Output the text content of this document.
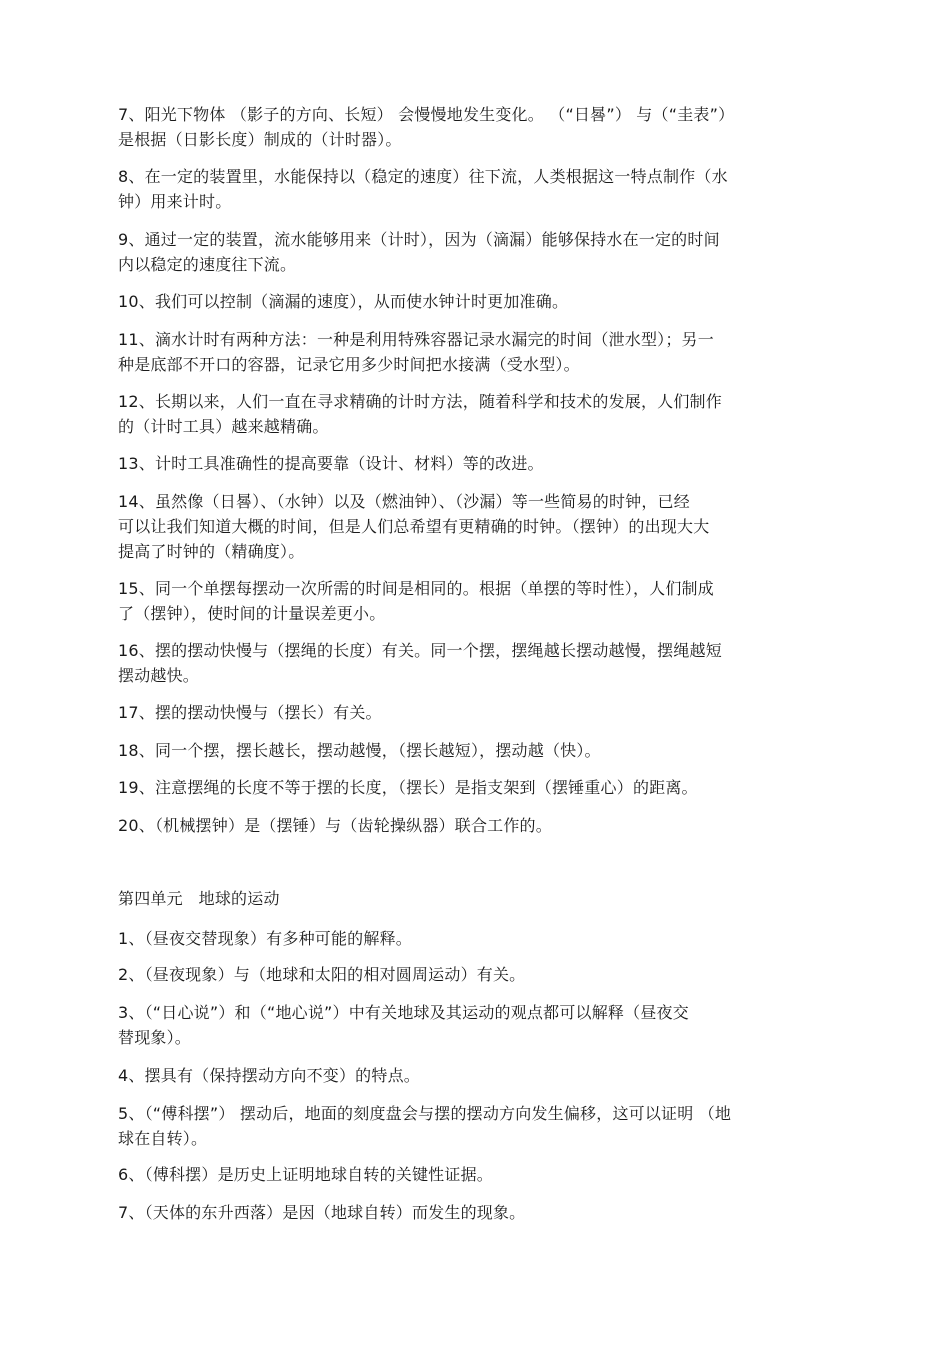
7、阳光下物体 （影子的方向、长短） 会慢慢地发生变化。 （“日晷”） 与（“圭表”）
是根据（日影长度）制成的（计时器）。
8、在一定的装置里，水能保持以（稳定的速度）往下流，人类根据这一特点制作（水
钟）用来计时。
9、通过一定的装置，流水能够用来（计时），因为（滴漏）能够保持水在一定的时间
内以稳定的速度往下流。
10、我们可以控制（滴漏的速度），从而使水钟计时更加准确。
11、滴水计时有两种方法：一种是利用特殊容器记录水漏完的时间（泄水型）；另一
种是底部不开口的容器，记录它用多少时间把水接满（受水型）。
12、长期以来，人们一直在寻求精确的计时方法，随着科学和技术的发展，人们制作
的（计时工具）越来越精确。
13、计时工具准确性的提高要靠（设计、材料）等的改进。
14、虽然像（日晷）、（水钟）以及（燃油钟）、（沙漏）等一些简易的时钟，已经
可以让我们知道大概的时间，但是人们总希望有更精确的时钟。（摆钟）的出现大大
提高了时钟的（精确度）。
15、同一个单摆每摆动一次所需的时间是相同的。根据（单摆的等时性），人们制成
了（摆钟），使时间的计量误差更小。
16、摆的摆动快慢与（摆绳的长度）有关。同一个摆，摆绳越长摆动越慢，摆绳越短
摆动越快。
17、摆的摆动快慢与（摆长）有关。
18、同一个摆，摆长越长，摆动越慢，（摆长越短），摆动越（快）。
19、注意摆绳的长度不等于摆的长度，（摆长）是指支架到（摆锤重心）的距离。
20、（机械摆钟）是（摆锤）与（齿轮操纵器）联合工作的。
第四单元   地球的运动
1、（昼夜交替现象）有多种可能的解释。
2、（昼夜现象）与（地球和太阳的相对圆周运动）有关。
3、（“日心说”）和（“地心说”）中有关地球及其运动的观点都可以解释（昼夜交
替现象）。
4、摆具有（保持摆动方向不变）的特点。
5、（“傅科摆”） 摆动后，地面的刻度盘会与摆的摆动方向发生偏移，这可以证明 （地
球在自转）。
6、（傅科摆）是历史上证明地球自转的关键性证据。
7、（天体的东升西落）是因（地球自转）而发生的现象。
